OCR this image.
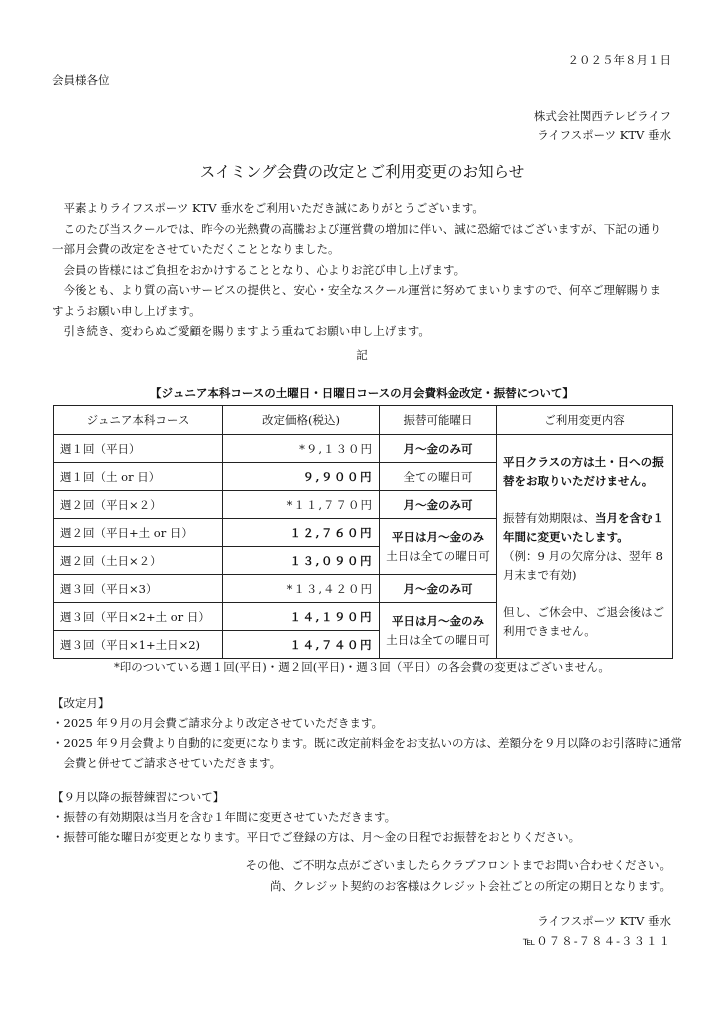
２０２５年８月１日
会員様各位
株式会社関西テレビライフ
ライフスポーツ KTV 垂水
スイミング会費の改定とご利用変更のお知らせ

平素よりライフスポーツ KTV 垂水をご利用いただき誠にありがとうございます。

このたび当スクールでは、昨今の光熱費の高騰および運営費の増加に伴い、誠に恐縮ではございますが、下記の通り一部月会費の改定をさせていただくこととなりました。

会員の皆様にはご負担をおかけすることとなり、心よりお詫び申し上げます。

今後とも、より質の高いサービスの提供と、安心・安全なスクール運営に努めてまいりますので、何卒ご理解賜りますようお願い申し上げます。

引き続き、変わらぬご愛顧を賜りますよう重ねてお願い申し上げます。

記
【ジュニア本科コースの土曜日・日曜日コースの月会費料金改定・振替について】
ジュニア本科コース	改定価格(税込)	振替可能曜日	ご利用変更内容
週１回（平日）	*９,１３０円	月〜金のみ可	平日クラスの方は土・日への振替をお取りいただけません。

振替有効期限は、当月を含む１年間に変更いたします。

（例：9 月の欠席分は、翌年 8 月末まで有効)

但し、ご休会中、ご退会後はご利用できません。

週１回（土 or 日）	９,９００円	全ての曜日可	
週２回（平日×２）	*１１,７７０円	月〜金のみ可	
週２回（平日+土 or 日）	１２,７６０円	平日は月〜金のみ
土日は全ての曜日可	

週２回（土日×２）	１３,０９０円		
週３回（平日×3）	*１３,４２０円	月〜金のみ可	
週３回（平日×2+土 or 日）	１４,１９０円	平日は月〜金のみ
土日は全ての曜日可	

週３回（平日×1+土日×2)	１４,７４０円		
*印のついている週１回(平日)・週２回(平日)・週３回（平日）の各会費の変更はございません。

【改定月】

・2025 年９月の月会費ご請求分より改定させていただきます。

・2025 年９月会費より自動的に変更になります。既に改定前料金をお支払いの方は、差額分を９月以降のお引落時に通常会費と併せてご請求させていただきます。

【９月以降の振替練習について】

・振替の有効期限は当月を含む１年間に変更させていただきます。

・振替可能な曜日が変更となります。平日でご登録の方は、月〜金の日程でお振替をおとりください。

その他、ご不明な点がございましたらクラブフロントまでお問い合わせください。
尚、クレジット契約のお客様はクレジット会社ごとの所定の期日となります。
ライフスポーツ KTV 垂水
℡０７８-７８４-３３１１
